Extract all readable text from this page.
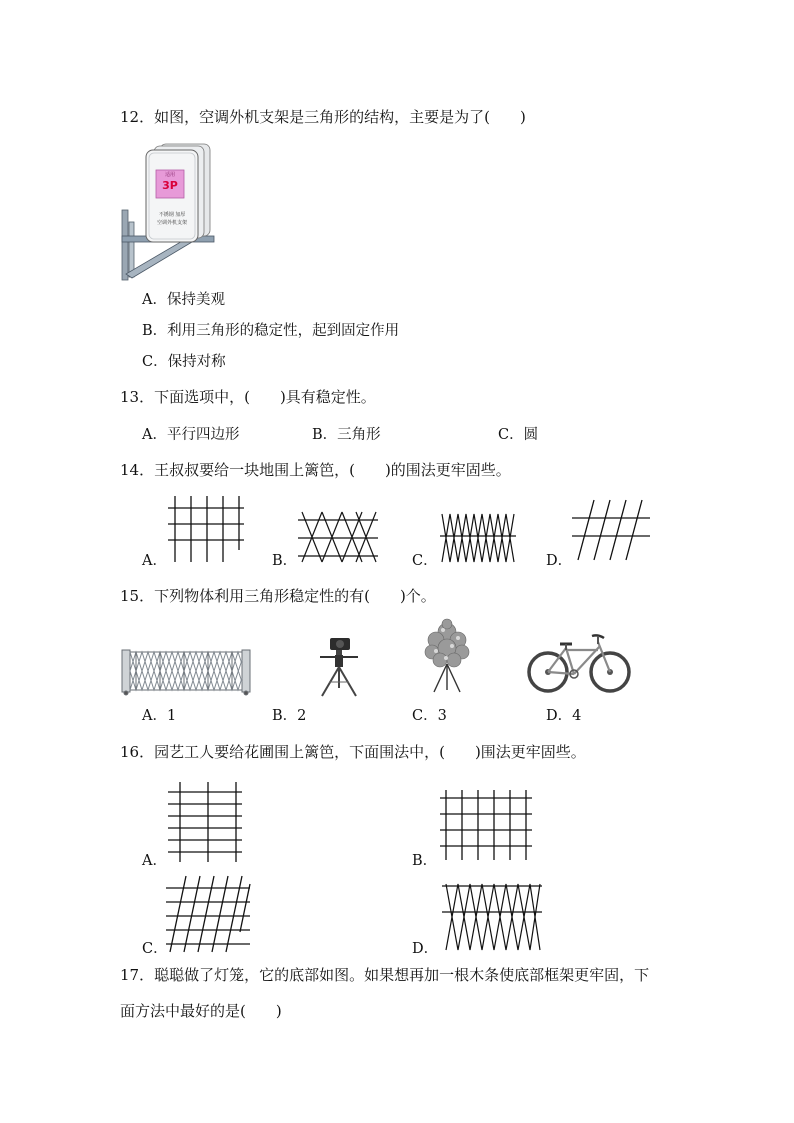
12．如图，空调外机支架是三角形的结构，主要是为了(　　)
适用
3P
不锈钢 加厚
空调外机支架
A．保持美观
B．利用三角形的稳定性，起到固定作用
C．保持对称
13．下面选项中，(　　)具有稳定性。
A．平行四边形	B．三角形	C．圆
14．王叔叔要给一块地围上篱笆，(　　)的围法更牢固些。
A．	B．	C．	D．
15．下列物体利用三角形稳定性的有(　　)个。
A．1	B．2	C．3	D．4
16．园艺工人要给花圃围上篱笆，下面围法中，(　　)围法更牢固些。
A．	B．
C．	D．
17．聪聪做了灯笼，它的底部如图。如果想再加一根木条使底部框架更牢固，下
面方法中最好的是(　　)
